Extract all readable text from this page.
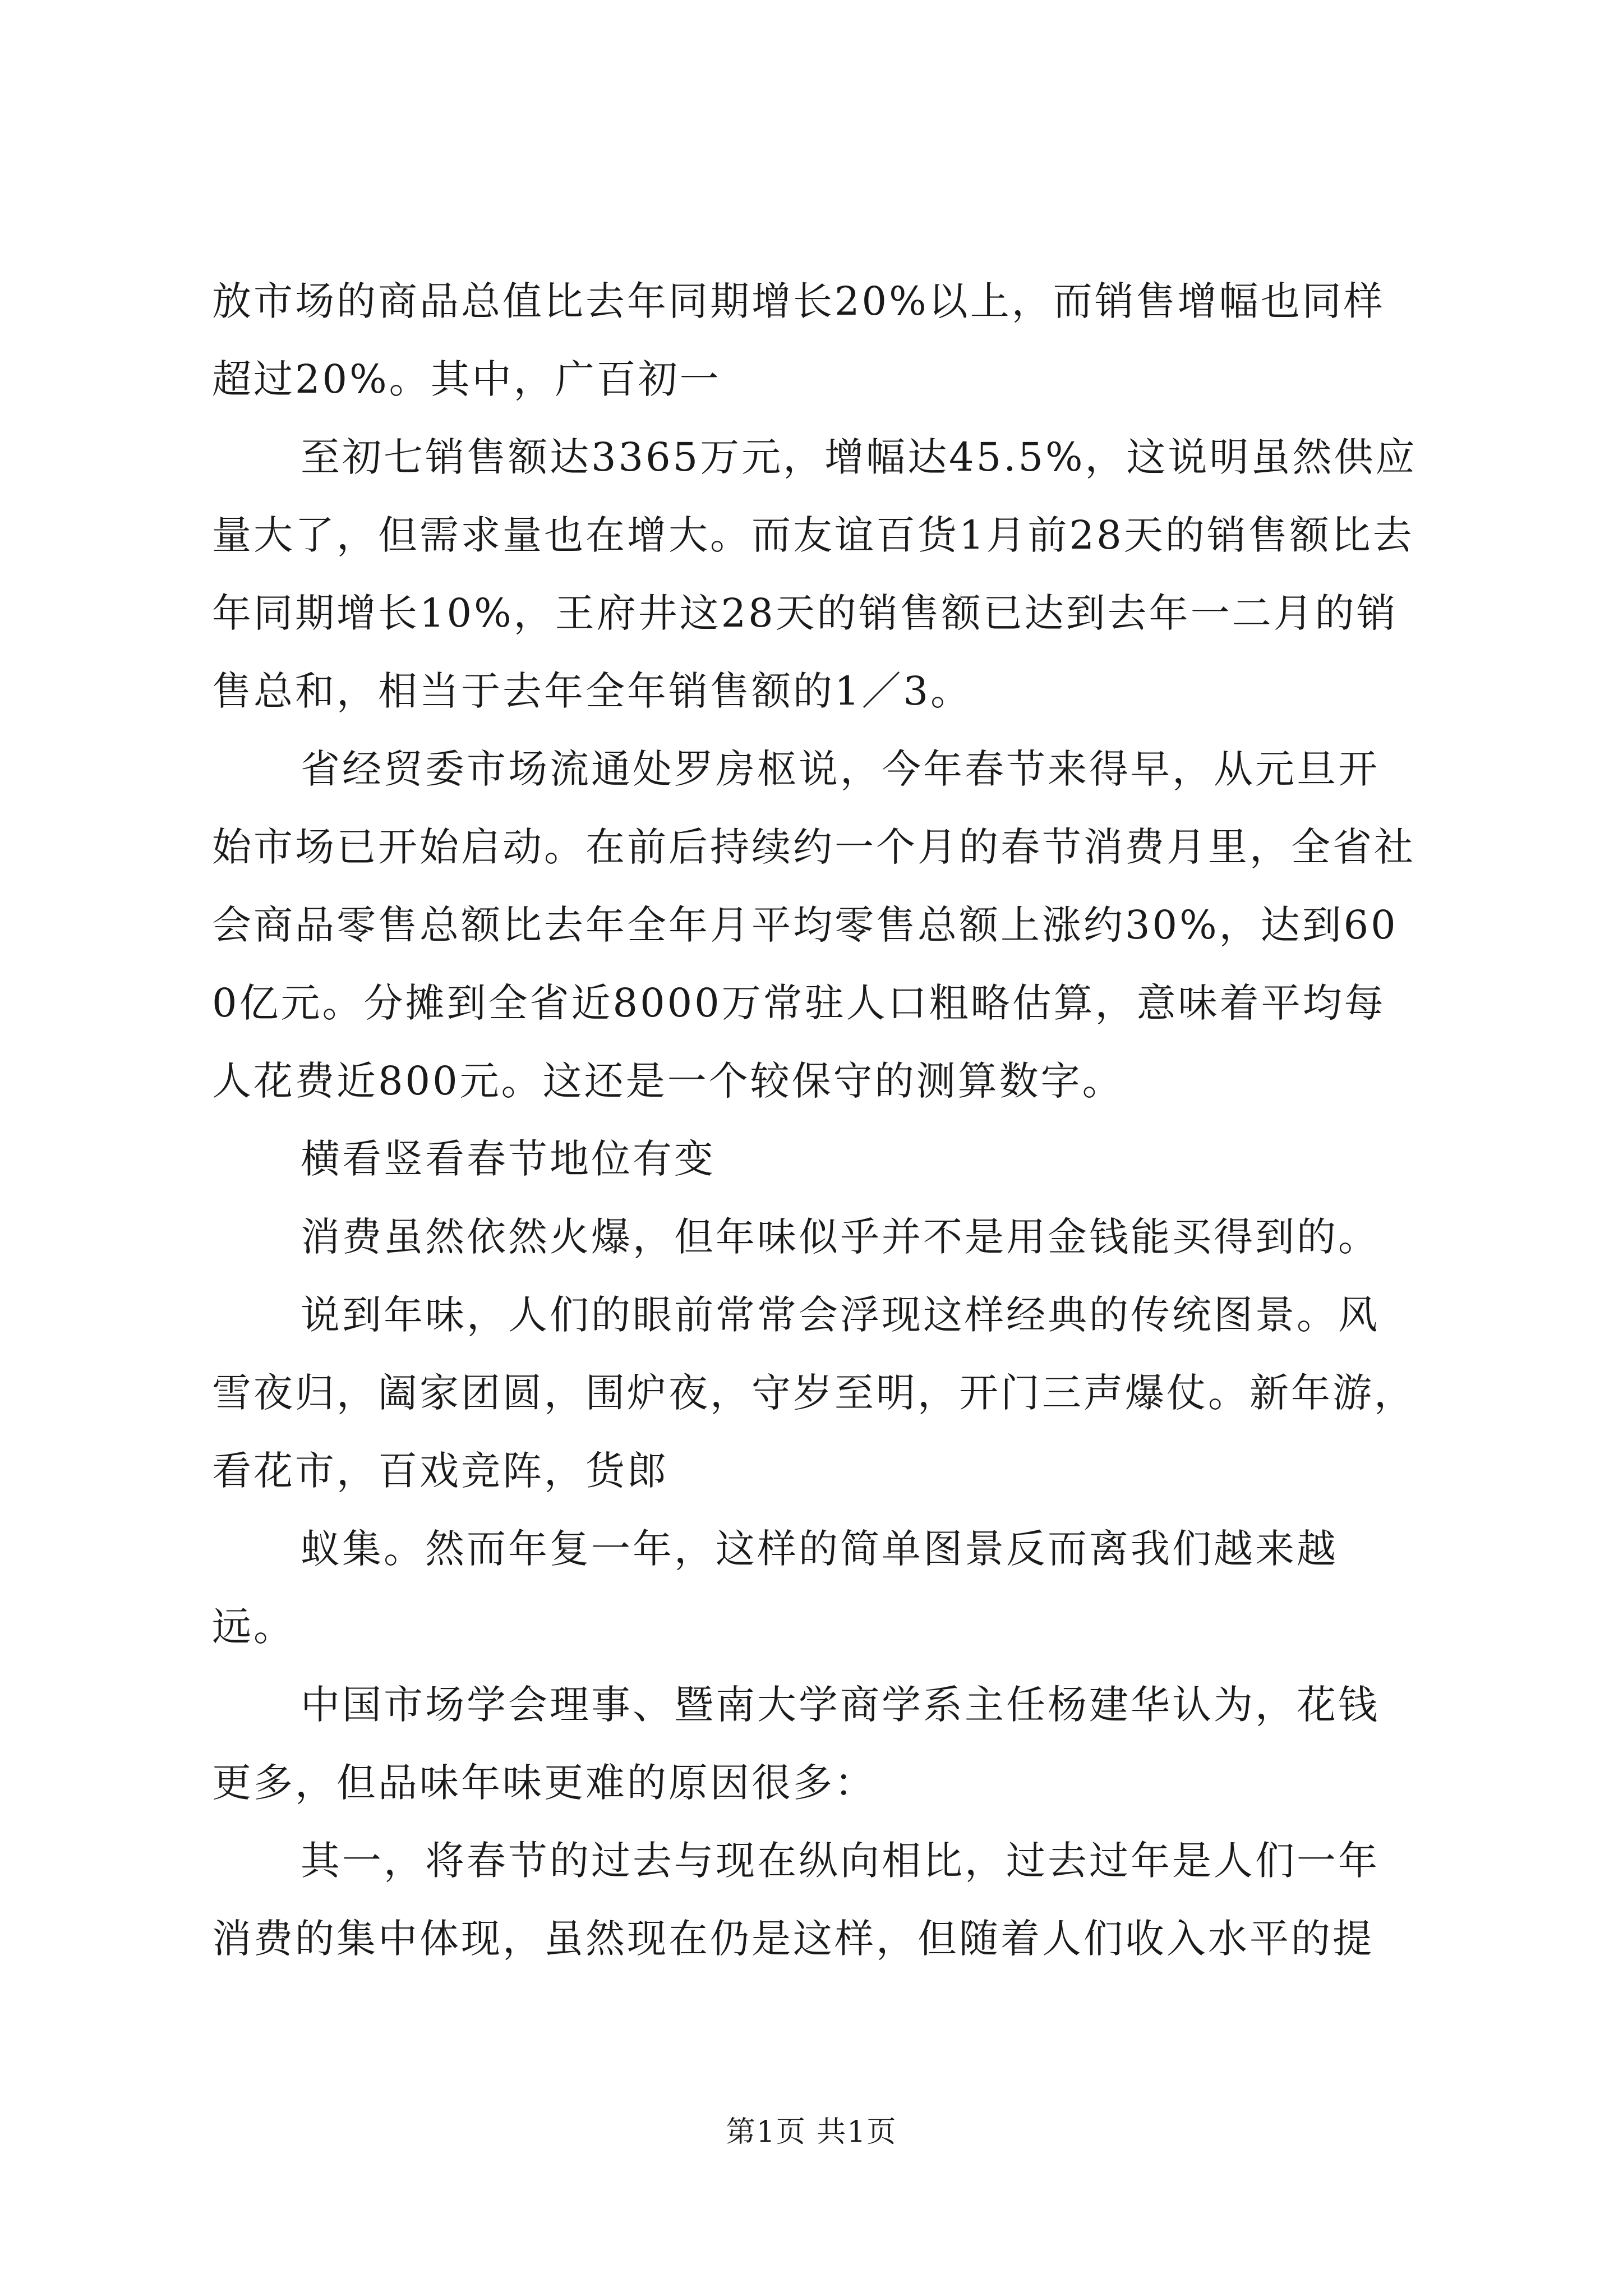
放市场的商品总值比去年同期增长20%以上，而销售增幅也同样超过20%。其中，广百初一

至初七销售额达3365万元，增幅达45.5%，这说明虽然供应量大了，但需求量也在增大。而友谊百货1月前28天的销售额比去年同期增长10%，王府井这28天的销售额已达到去年一二月的销售总和，相当于去年全年销售额的1／3。

省经贸委市场流通处罗房枢说，今年春节来得早，从元旦开始市场已开始启动。在前后持续约一个月的春节消费月里，全省社会商品零售总额比去年全年月平均零售总额上涨约30%，达到600亿元。分摊到全省近8000万常驻人口粗略估算，意味着平均每人花费近800元。这还是一个较保守的测算数字。

横看竖看春节地位有变

消费虽然依然火爆，但年味似乎并不是用金钱能买得到的。

说到年味，人们的眼前常常会浮现这样经典的传统图景。风雪夜归，阖家团圆，围炉夜，守岁至明，开门三声爆仗。新年游，看花市，百戏竞阵，货郎

蚁集。然而年复一年，这样的简单图景反而离我们越来越远。

中国市场学会理事、暨南大学商学系主任杨建华认为，花钱更多，但品味年味更难的原因很多：

其一，将春节的过去与现在纵向相比，过去过年是人们一年消费的集中体现，虽然现在仍是这样，但随着人们收入水平的提

第1页 共1页
